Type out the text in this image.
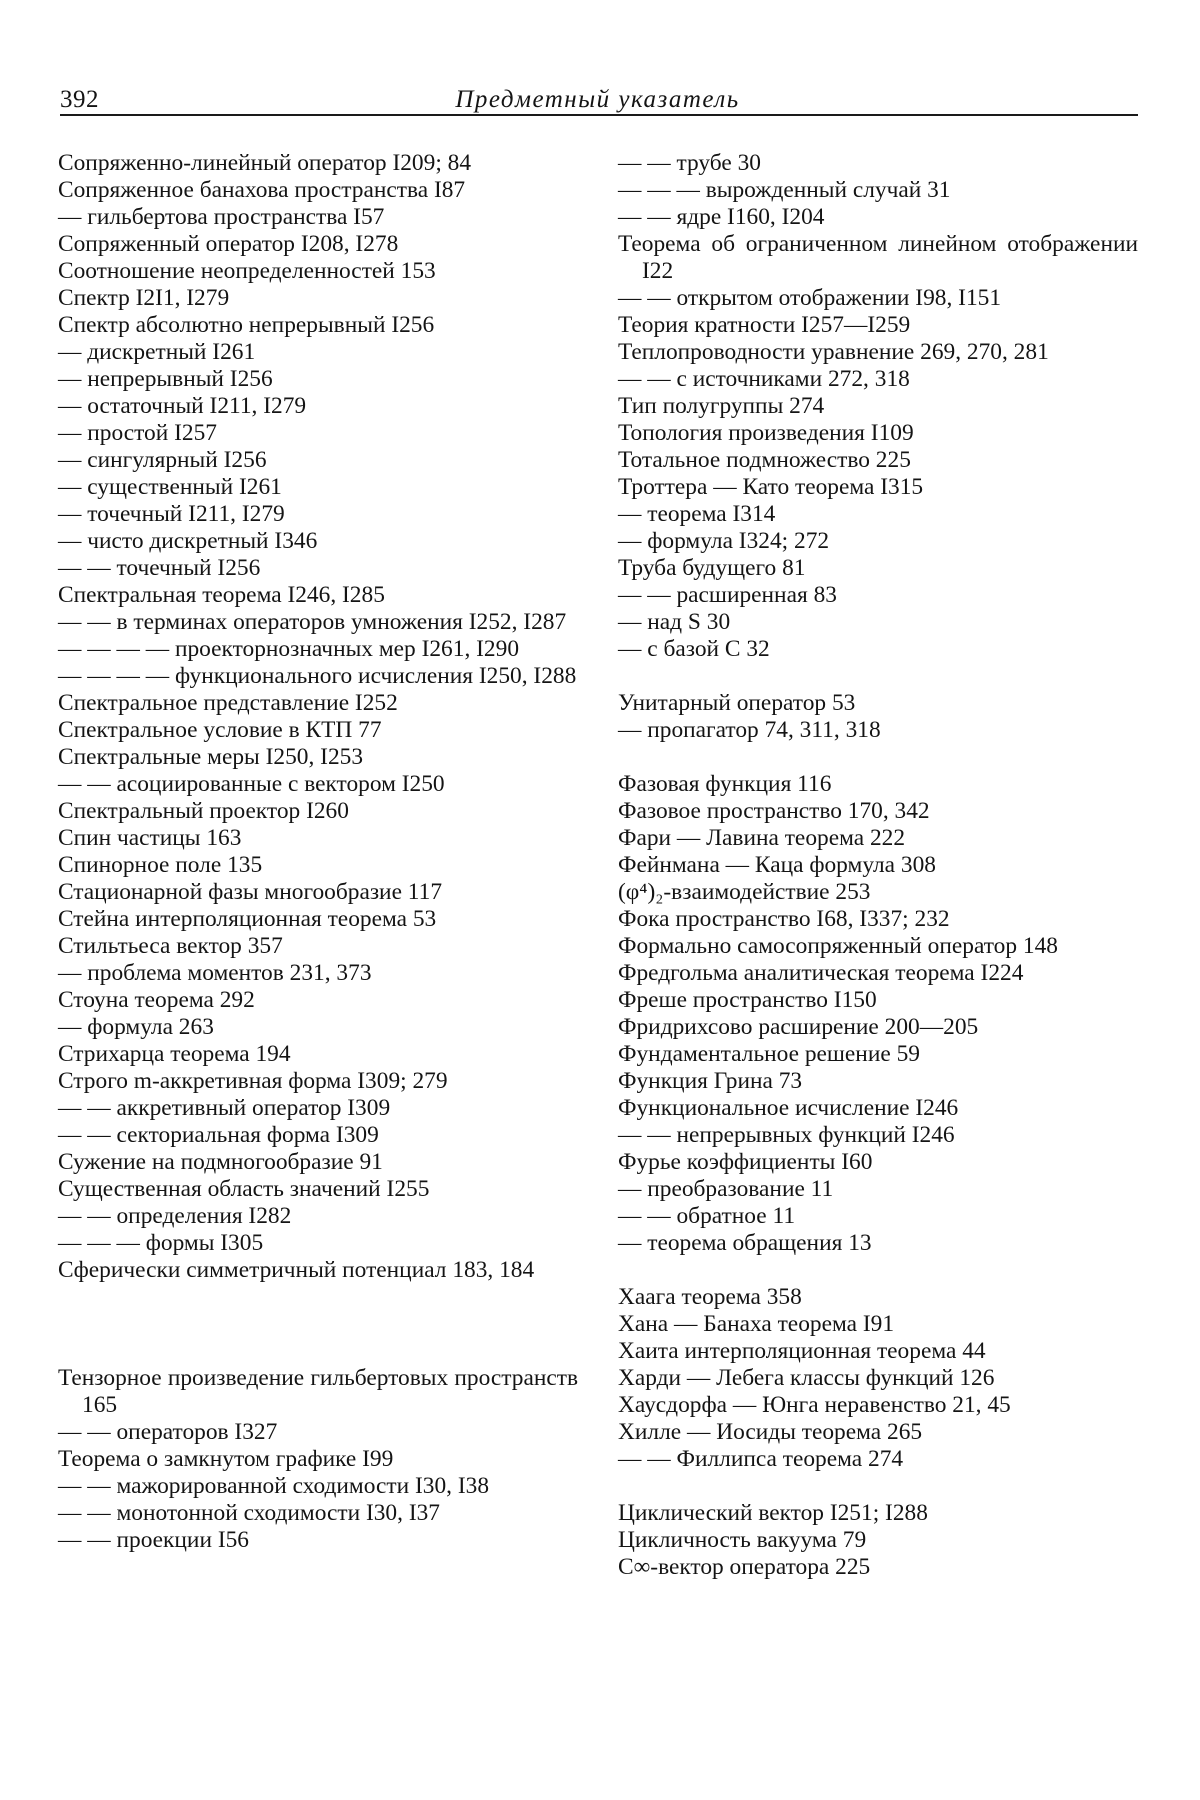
392	Предметный указатель
Сопряженно-линейный оператор I209; 84
Сопряженное банахова пространства I87
— гильбертова пространства I57
Сопряженный оператор I208, I278
Соотношение неопределенностей 153
Спектр I2I1, I279
Спектр абсолютно непрерывный I256
— дискретный I261
— непрерывный I256
— остаточный I211, I279
— простой I257
— сингулярный I256
— существенный I261
— точечный I211, I279
— чисто дискретный I346
— — точечный I256
Спектральная теорема I246, I285
— — в терминах операторов умножения I252, I287
— — — — проекторнозначных мер I261, I290
— — — — функционального исчисления I250, I288
Спектральное представление I252
Спектральное условие в КТП 77
Спектральные меры I250, I253
— — асоциированные с вектором I250
Спектральный проектор I260
Спин частицы 163
Спинорное поле 135
Стационарной фазы многообразие 117
Стейна интерполяционная теорема 53
Стильтьеса вектор 357
— проблема моментов 231, 373
Стоуна теорема 292
— формула 263
Стрихарца теорема 194
Строго m-аккретивная форма I309; 279
— — аккретивный оператор I309
— — секториальная форма I309
Сужение на подмногообразие 91
Существенная область значений I255
— — определения I282
— — — формы I305
Сферически симметричный потенциал 183, 184
Тензорное произведение гильбертовых пространств 165
— — операторов I327
Теорема о замкнутом графике I99
— — мажорированной сходимости I30, I38
— — монотонной сходимости I30, I37
— — проекции I56
— — трубе 30
— — — вырожденный случай 31
— — ядре I160, I204
Теорема об ограниченном линейном отображении I22
— — открытом отображении I98, I151
Теория кратности I257—I259
Теплопроводности уравнение 269, 270, 281
— — с источниками 272, 318
Тип полугруппы 274
Топология произведения I109
Тотальное подмножество 225
Троттера — Като теорема I315
— теорема I314
— формула I324; 272
Труба будущего 81
— — расширенная 83
— над S 30
— с базой C 32
Унитарный оператор 53
— пропагатор 74, 311, 318
Фазовая функция 116
Фазовое пространство 170, 342
Фари — Лавина теорема 222
Фейнмана — Каца формула 308
(φ⁴)₂-взаимодействие 253
Фока пространство I68, I337; 232
Формально самосопряженный оператор 148
Фредгольма аналитическая теорема I224
Фреше пространство I150
Фридрихсово расширение 200—205
Фундаментальное решение 59
Функция Грина 73
Функциональное исчисление I246
— — непрерывных функций I246
Фурье коэффициенты I60
— преобразование 11
— — обратное 11
— теорема обращения 13
Хаага теорема 358
Хана — Банаха теорема I91
Хаита интерполяционная теорема 44
Харди — Лебега классы функций 126
Хаусдорфа — Юнга неравенство 21, 45
Хилле — Иосиды теорема 265
— — Филлипса теорема 274
Циклический вектор I251; I288
Цикличность вакуума 79
C∞-вектор оператора 225
